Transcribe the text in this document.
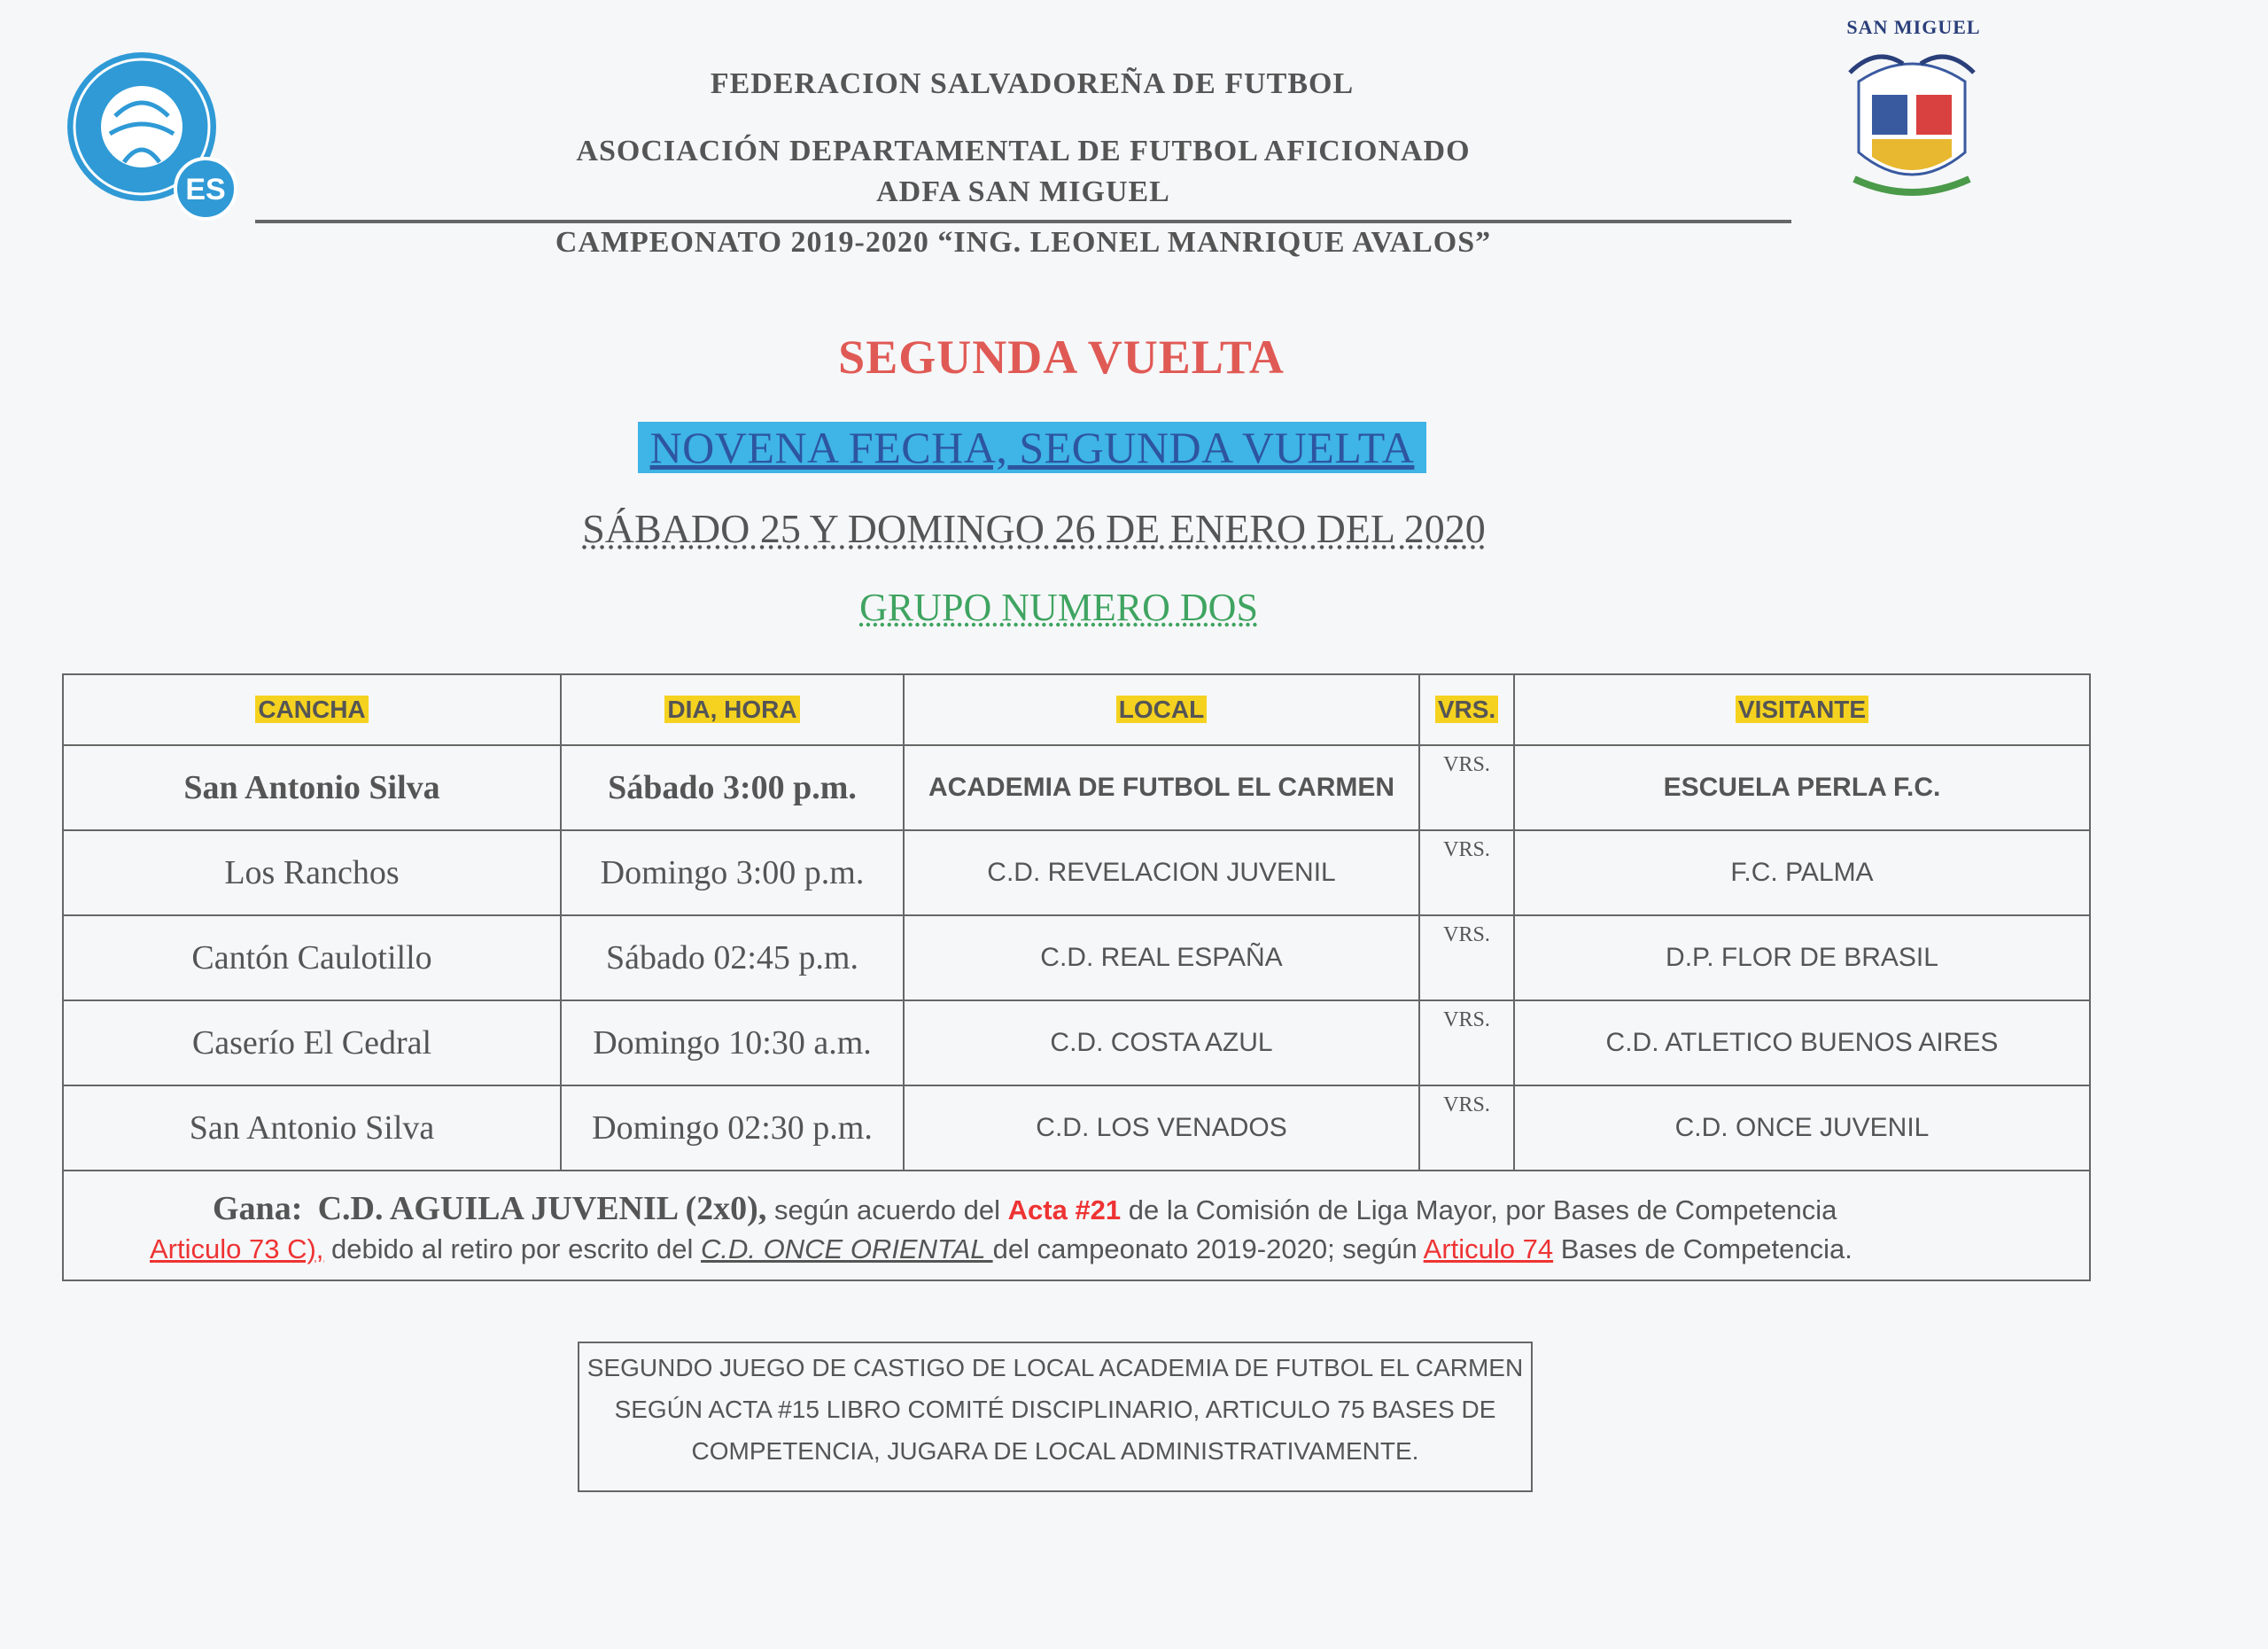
ES
SAN MIGUEL
FEDERACION SALVADOREÑA DE FUTBOL
ASOCIACIÓN DEPARTAMENTAL DE FUTBOL AFICIONADO
ADFA SAN MIGUEL
CAMPEONATO 2019-2020 “ING. LEONEL MANRIQUE AVALOS”
SEGUNDA VUELTA
NOVENA FECHA, SEGUNDA VUELTA
SÁBADO 25 Y DOMINGO 26 DE ENERO DEL 2020
GRUPO NUMERO DOS
CANCHA	DIA, HORA	LOCAL	VRS.	VISITANTE
San Antonio Silva	Sábado 3:00 p.m.	ACADEMIA DE FUTBOL EL CARMEN	VRS.	ESCUELA PERLA F.C.
Los Ranchos	Domingo 3:00 p.m.	C.D. REVELACION JUVENIL	VRS.	F.C. PALMA
Cantón Caulotillo	Sábado 02:45 p.m.	C.D. REAL ESPAÑA	VRS.	D.P. FLOR DE BRASIL
Caserío El Cedral	Domingo 10:30 a.m.	C.D. COSTA AZUL	VRS.	C.D. ATLETICO BUENOS AIRES
San Antonio Silva	Domingo 02:30 p.m.	C.D. LOS VENADOS	VRS.	C.D. ONCE JUVENIL

Gana: C.D. AGUILA JUVENIL (2x0), según acuerdo del Acta #21 de la Comisión de Liga Mayor, por Bases de Competencia
Articulo 73 C), debido al retiro por escrito del C.D. ONCE ORIENTAL del campeonato 2019-2020; según Articulo 74 Bases de Competencia.				
SEGUNDO JUEGO DE CASTIGO DE LOCAL ACADEMIA DE FUTBOL EL CARMEN
SEGÚN ACTA #15 LIBRO COMITÉ DISCIPLINARIO, ARTICULO 75 BASES DE
COMPETENCIA, JUGARA DE LOCAL ADMINISTRATIVAMENTE.
